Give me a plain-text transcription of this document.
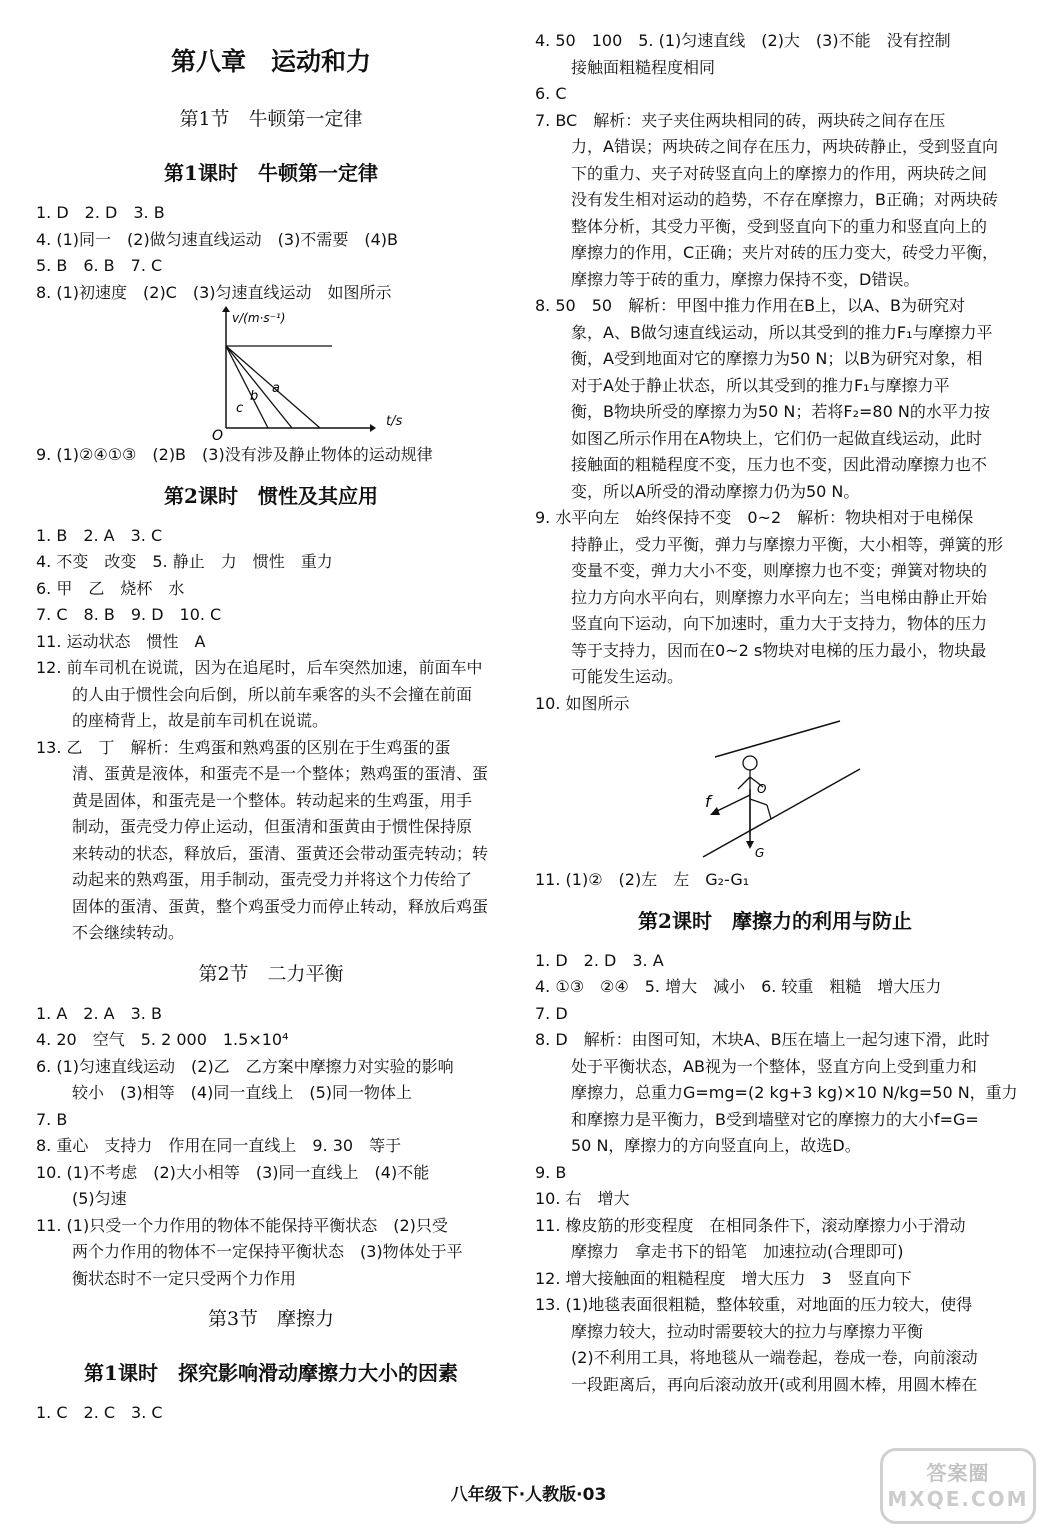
第八章　运动和力
第1节　牛顿第一定律
第1课时　牛顿第一定律
1. D　2. D　3. B
4. (1)同一　(2)做匀速直线运动　(3)不需要　(4)B
5. B　6. B　7. C
8. (1)初速度　(2)C　(3)匀速直线运动　如图所示
v/(m·s⁻¹)
O
a
b
c
t/s
9. (1)②④①③　(2)B　(3)没有涉及静止物体的运动规律
第2课时　惯性及其应用
1. B　2. A　3. C
4. 不变　改变　5. 静止　力　惯性　重力
6. 甲　乙　烧杯　水
7. C　8. B　9. D　10. C
11. 运动状态　惯性　A
12. 前车司机在说谎，因为在追尾时，后车突然加速，前面车中
的人由于惯性会向后倒，所以前车乘客的头不会撞在前面
的座椅背上，故是前车司机在说谎。
13. 乙　丁　解析：生鸡蛋和熟鸡蛋的区别在于生鸡蛋的蛋
清、蛋黄是液体，和蛋壳不是一个整体；熟鸡蛋的蛋清、蛋
黄是固体，和蛋壳是一个整体。转动起来的生鸡蛋，用手
制动，蛋壳受力停止运动，但蛋清和蛋黄由于惯性保持原
来转动的状态，释放后，蛋清、蛋黄还会带动蛋壳转动；转
动起来的熟鸡蛋，用手制动，蛋壳受力并将这个力传给了
固体的蛋清、蛋黄，整个鸡蛋受力而停止转动，释放后鸡蛋
不会继续转动。
第2节　二力平衡
1. A　2. A　3. B
4. 20　空气　5. 2 000　1.5×10⁴
6. (1)匀速直线运动　(2)乙　乙方案中摩擦力对实验的影响
较小　(3)相等　(4)同一直线上　(5)同一物体上
7. B
8. 重心　支持力　作用在同一直线上　9. 30　等于
10. (1)不考虑　(2)大小相等　(3)同一直线上　(4)不能
(5)匀速
11. (1)只受一个力作用的物体不能保持平衡状态　(2)只受
两个力作用的物体不一定保持平衡状态　(3)物体处于平
衡状态时不一定只受两个力作用
第3节　摩擦力
第1课时　探究影响滑动摩擦力大小的因素
1. C　2. C　3. C
4. 50　100　5. (1)匀速直线　(2)大　(3)不能　没有控制
接触面粗糙程度相同
6. C
7. BC　解析：夹子夹住两块相同的砖，两块砖之间存在压
力，A错误；两块砖之间存在压力，两块砖静止，受到竖直向
下的重力、夹子对砖竖直向上的摩擦力的作用，两块砖之间
没有发生相对运动的趋势，不存在摩擦力，B正确；对两块砖
整体分析，其受力平衡，受到竖直向下的重力和竖直向上的
摩擦力的作用，C正确；夹片对砖的压力变大，砖受力平衡，
摩擦力等于砖的重力，摩擦力保持不变，D错误。
8. 50　50　解析：甲图中推力作用在B上，以A、B为研究对
象，A、B做匀速直线运动，所以其受到的推力F₁与摩擦力平
衡，A受到地面对它的摩擦力为50 N；以B为研究对象，相
对于A处于静止状态，所以其受到的推力F₁与摩擦力平
衡，B物块所受的摩擦力为50 N；若将F₂=80 N的水平力按
如图乙所示作用在A物块上，它们仍一起做直线运动，此时
接触面的粗糙程度不变，压力也不变，因此滑动摩擦力也不
变，所以A所受的滑动摩擦力仍为50 N。
9. 水平向左　始终保持不变　0~2　解析：物块相对于电梯保
持静止，受力平衡，弹力与摩擦力平衡，大小相等，弹簧的形
变量不变，弹力大小不变，则摩擦力也不变；弹簧对物块的
拉力方向水平向右，则摩擦力水平向左；当电梯由静止开始
竖直向下运动，向下加速时，重力大于支持力，物体的压力
等于支持力，因而在0~2 s物块对电梯的压力最小，物块最
可能发生运动。
10. 如图所示
f
O
G
11. (1)②　(2)左　左　G₂-G₁
第2课时　摩擦力的利用与防止
1. D　2. D　3. A
4. ①③　②④　5. 增大　减小　6. 较重　粗糙　增大压力
7. D
8. D　解析：由图可知，木块A、B压在墙上一起匀速下滑，此时
处于平衡状态，AB视为一个整体，竖直方向上受到重力和
摩擦力，总重力G=mg=(2 kg+3 kg)×10 N/kg=50 N，重力
和摩擦力是平衡力，B受到墙壁对它的摩擦力的大小f=G=
50 N，摩擦力的方向竖直向上，故选D。
9. B
10. 右　增大
11. 橡皮筋的形变程度　在相同条件下，滚动摩擦力小于滑动
摩擦力　拿走书下的铅笔　加速拉动(合理即可)
12. 增大接触面的粗糙程度　增大压力　3　竖直向下
13. (1)地毯表面很粗糙，整体较重，对地面的压力较大，使得
摩擦力较大，拉动时需要较大的拉力与摩擦力平衡
(2)不利用工具，将地毯从一端卷起，卷成一卷，向前滚动
一段距离后，再向后滚动放开(或利用圆木棒，用圆木棒在
八年级下·人教版·03
答案圈
MXQE.COM
